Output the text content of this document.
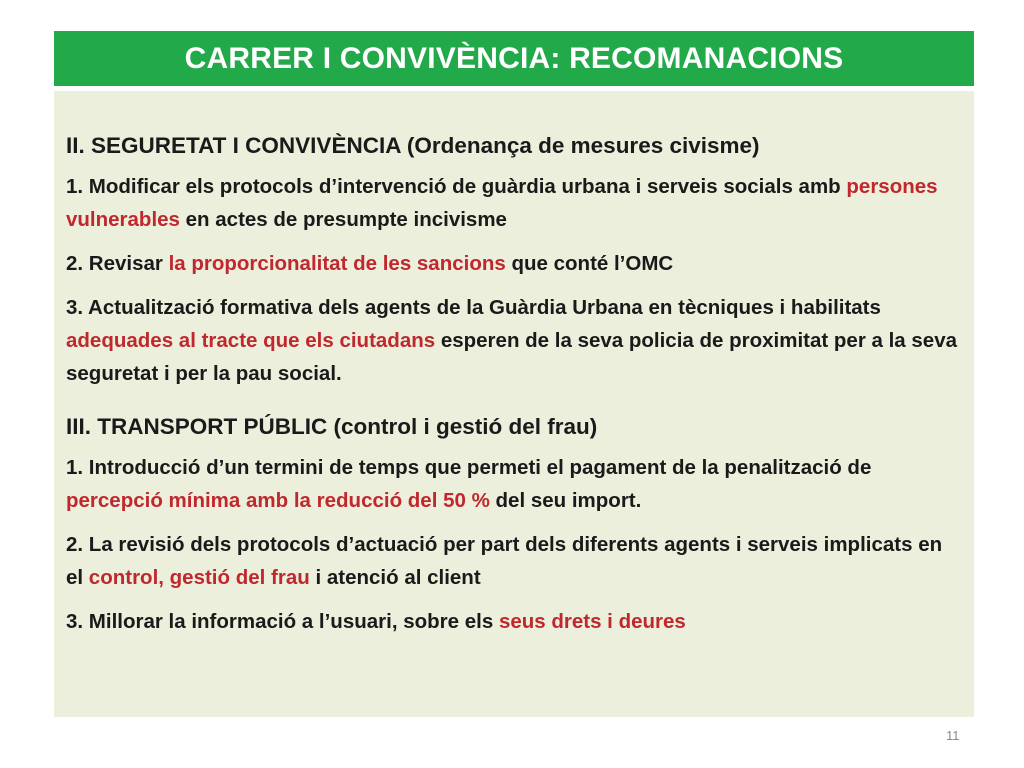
CARRER I CONVIVÈNCIA: RECOMANACIONS
II. SEGURETAT I CONVIVÈNCIA (Ordenança de mesures civisme)
1. Modificar els protocols d’intervenció de guàrdia urbana i serveis socials amb persones vulnerables en actes de presumpte incivisme
2. Revisar la proporcionalitat de les sancions que conté l’OMC
3. Actualització formativa dels agents de la Guàrdia Urbana en tècniques i habilitats adequades al tracte que els ciutadans esperen de la seva policia de proximitat per a la seva seguretat i per la pau social.
III. TRANSPORT PÚBLIC (control i gestió del frau)
1. Introducció d’un termini de temps que permeti el pagament de la penalització de percepció mínima amb la reducció del 50 % del seu import.
2. La revisió dels protocols d’actuació per part dels diferents agents i serveis implicats en el control, gestió del frau i atenció al client
3. Millorar la informació a l’usuari, sobre els seus drets i deures
11
